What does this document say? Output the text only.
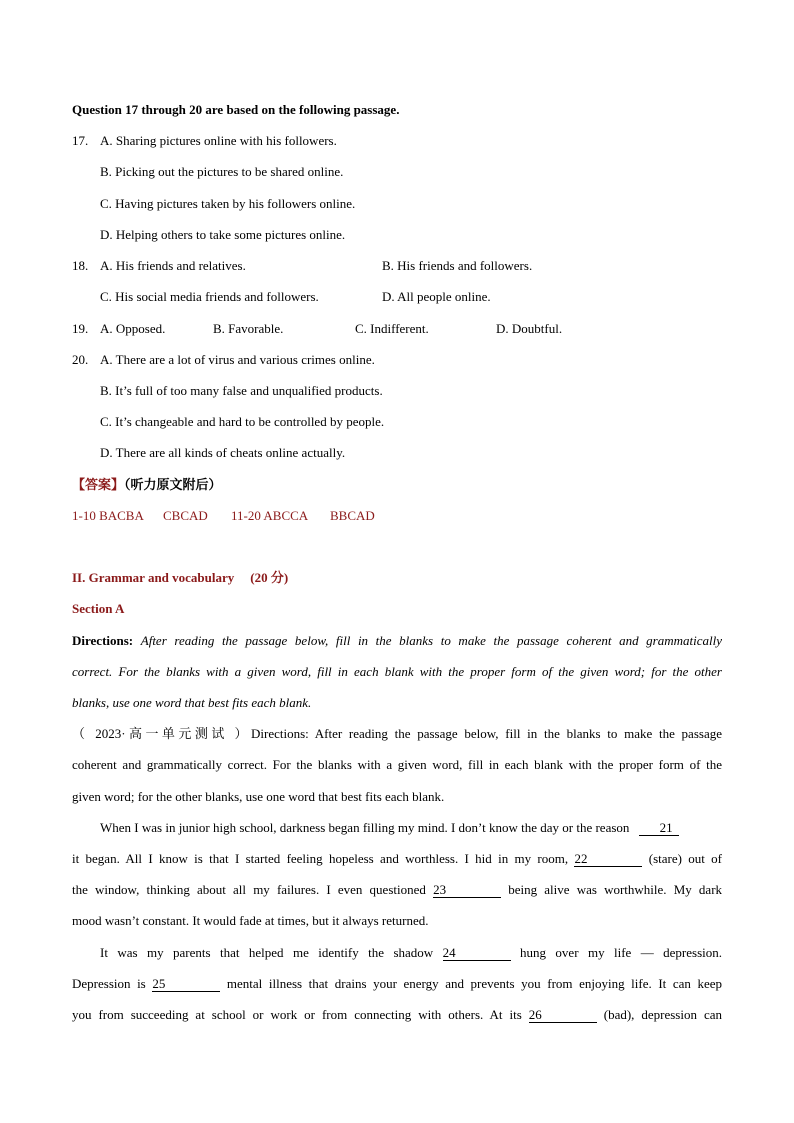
Question 17 through 20 are based on the following passage.
17. A. Sharing pictures online with his followers.
B. Picking out the pictures to be shared online.
C. Having pictures taken by his followers online.
D. Helping others to take some pictures online.
18. A. His friends and relatives.	B. His friends and followers.
C. His social media friends and followers.	D. All people online.
19. A. Opposed.	B. Favorable.	C. Indifferent.	D. Doubtful.
20. A. There are a lot of virus and various crimes online.
B. It’s full of too many false and unqualified products.
C. It’s changeable and hard to be controlled by people.
D. There are all kinds of cheats online actually.
【答案】（听力原文附后）
1-10 BACBA CBCAD 11-20 ABCCA BBCAD
II. Grammar and vocabulary (20 分)
Section A
Directions: After reading the passage below, fill in the blanks to make the passage coherent and grammatically
correct. For the blanks with a given word, fill in each blank with the proper form of the given word; for the other
blanks, use one word that best fits each blank.
（ 2023·高一单元测试 ）Directions: After reading the passage below, fill in the blanks to make the passage
coherent and grammatically correct. For the blanks with a given word, fill in each blank with the proper form of the
given word; for the other blanks, use one word that best fits each blank.
When I was in junior high school, darkness began filling my mind. I don’t know the day or the reason 21
it began. All I know is that I started feeling hopeless and worthless. I hid in my room, 22	(stare) out of
the window, thinking about all my failures. I even questioned 23	being alive was worthwhile. My dark
mood wasn’t constant. It would fade at times, but it always returned.
It was my parents that helped me identify the shadow 24	hung over my life — depression.
Depression is 25	mental illness that drains your energy and prevents you from enjoying life. It can keep
you from succeeding at school or work or from connecting with others. At its 26	(bad), depression can
